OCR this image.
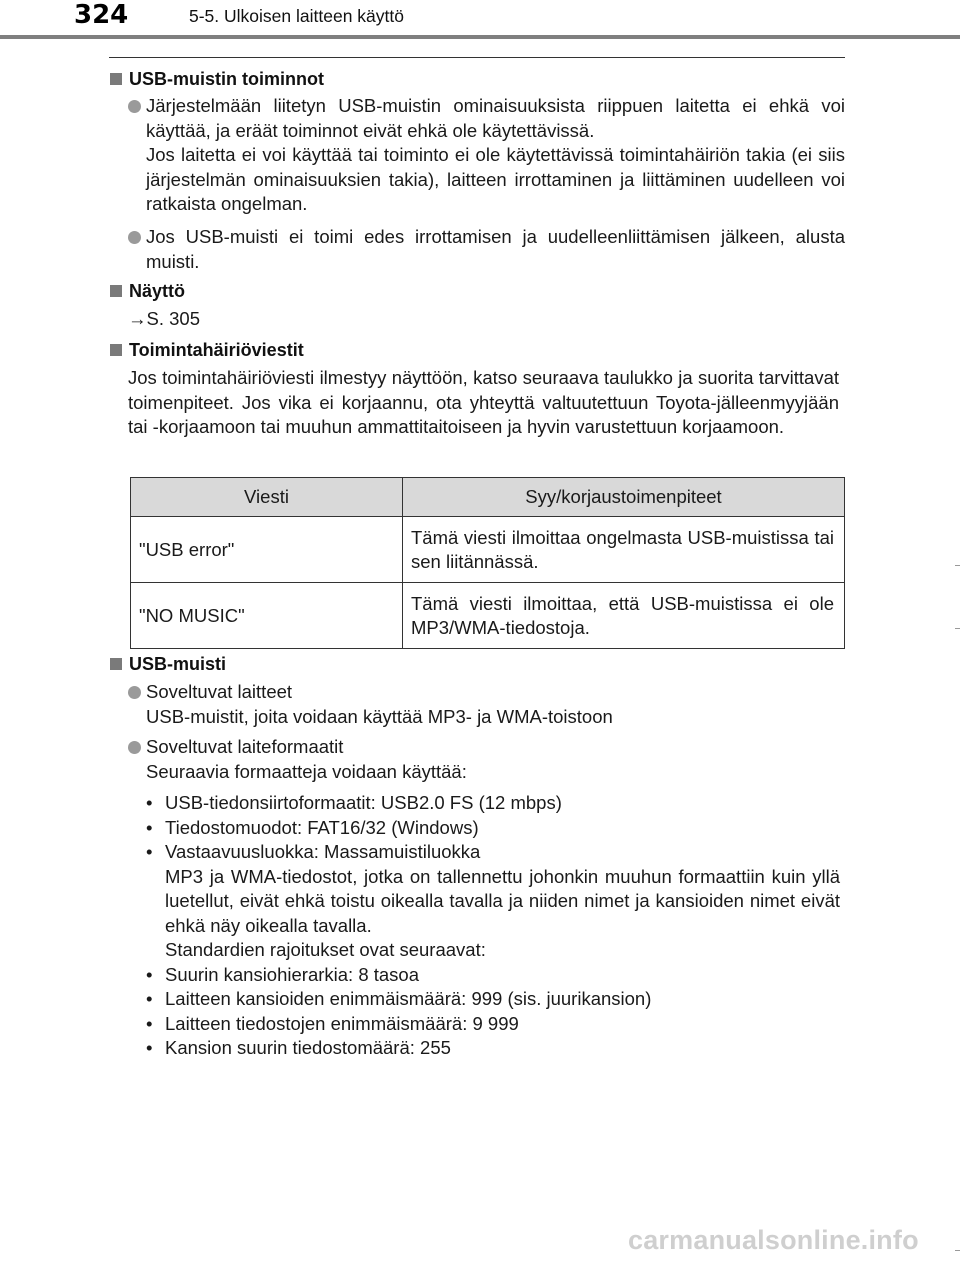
324	5-5. Ulkoisen laitteen käyttö
USB-muistin toiminnot

Järjestelmään liitetyn USB-muistin ominaisuuksista riippuen laitetta ei ehkä voi käyttää, ja eräät toiminnot eivät ehkä ole käytettävissä.

Jos laitetta ei voi käyttää tai toiminto ei ole käytettävissä toimintahäiriön takia (ei siis järjestelmän ominaisuuksien takia), laitteen irrottaminen ja liittäminen uudelleen voi ratkaista ongelman.

Jos USB-muisti ei toimi edes irrottamisen ja uudelleenliittämisen jälkeen, alusta muisti.

Näyttö
→S. 305
Toimintahäiriöviestit

Jos toimintahäiriöviesti ilmestyy näyttöön, katso seuraava taulukko ja suorita tarvittavat toimenpiteet. Jos vika ei korjaannu, ota yhteyttä valtuutettuun Toyota-jälleenmyyjään tai -korjaamoon tai muuhun ammattitaitoiseen ja hyvin varustettuun korjaamoon.

Viesti	Syy/korjaustoimenpiteet
"USB error"	Tämä viesti ilmoittaa ongelmasta USB-muistissa tai sen liitännässä.
"NO MUSIC"	Tämä viesti ilmoittaa, että USB-muistissa ei ole MP3/WMA-tiedostoja.
USB-muisti

Soveltuvat laitteet

USB-muistit, joita voidaan käyttää MP3- ja WMA-toistoon

Soveltuvat laiteformaatit

Seuraavia formaatteja voidaan käyttää:

• USB-tiedonsiirtoformaatit: USB2.0 FS (12 mbps)
• Tiedostomuodot: FAT16/32 (Windows)
• Vastaavuusluokka: Massamuistiluokka
MP3 ja WMA-tiedostot, jotka on tallennettu johonkin muuhun formaattiin kuin yllä luetellut, eivät ehkä toistu oikealla tavalla ja niiden nimet ja kansioiden nimet eivät ehkä näy oikealla tavalla.
Standardien rajoitukset ovat seuraavat:
• Suurin kansiohierarkia: 8 tasoa
• Laitteen kansioiden enimmäismäärä: 999 (sis. juurikansion)
• Laitteen tiedostojen enimmäismäärä: 9 999
• Kansion suurin tiedostomäärä: 255
carmanualsonline.info
